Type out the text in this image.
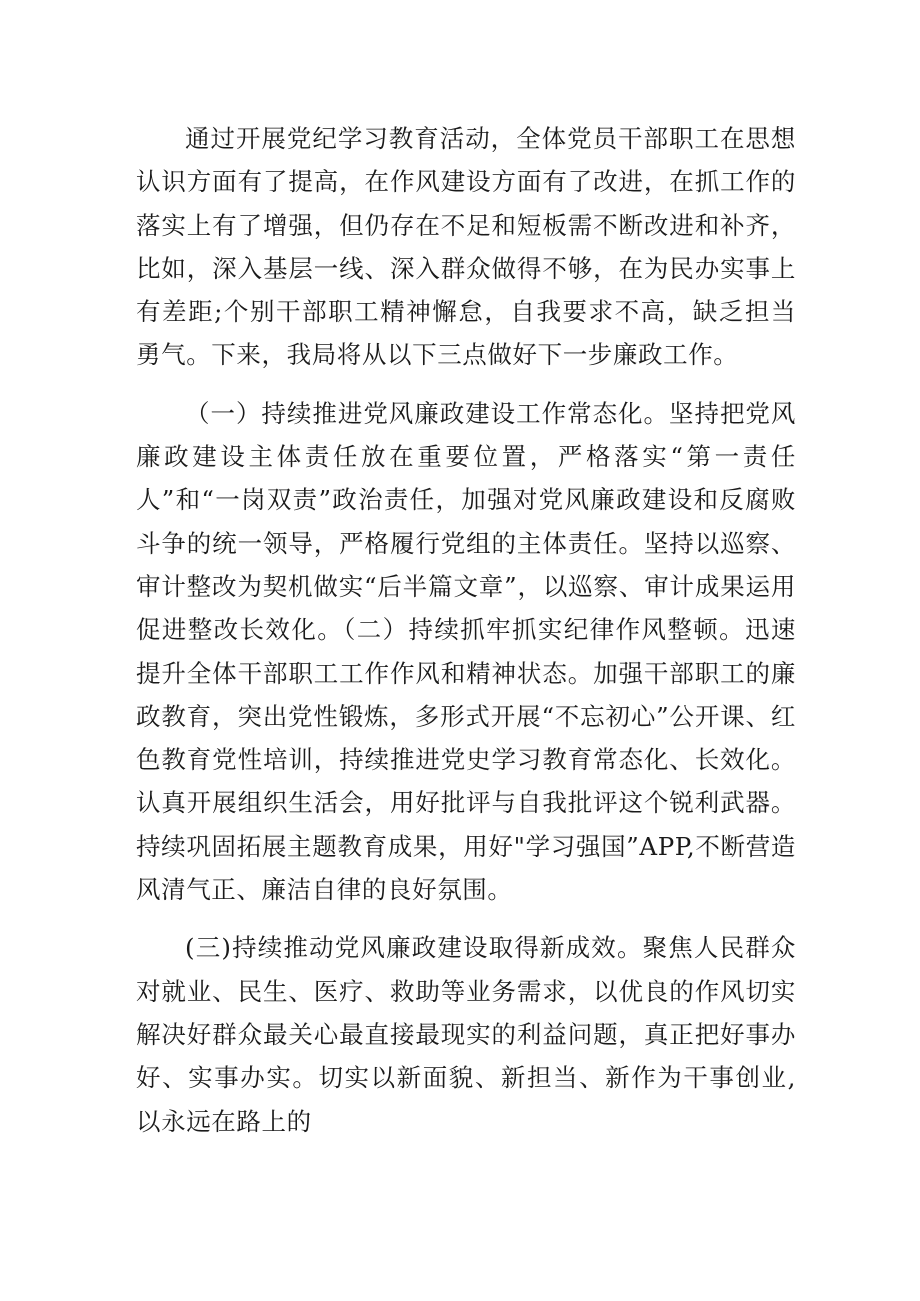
通过开展党纪学习教育活动，全体党员干部职工在思想认识方面有了提高，在作风建设方面有了改进，在抓工作的落实上有了增强，但仍存在不足和短板需不断改进和补齐，比如，深入基层一线、深入群众做得不够，在为民办实事上有差距;个别干部职工精神懈怠，自我要求不高，缺乏担当勇气。下来，我局将从以下三点做好下一步廉政工作。

（一）持续推进党风廉政建设工作常态化。坚持把党风廉政建设主体责任放在重要位置，严格落实“第一责任人”和“一岗双责”政治责任，加强对党风廉政建设和反腐败斗争的统一领导，严格履行党组的主体责任。坚持以巡察、审计整改为契机做实“后半篇文章”，以巡察、审计成果运用促进整改长效化。（二）持续抓牢抓实纪律作风整顿。迅速提升全体干部职工工作作风和精神状态。加强干部职工的廉政教育，突出党性锻炼，多形式开展“不忘初心”公开课、红色教育党性培训，持续推进党史学习教育常态化、长效化。认真开展组织生活会，用好批评与自我批评这个锐利武器。持续巩固拓展主题教育成果，用好"学习强国”APP,不断营造风清气正、廉洁自律的良好氛围。

(三)持续推动党风廉政建设取得新成效。聚焦人民群众对就业、民生、医疗、救助等业务需求，以优良的作风切实解决好群众最关心最直接最现实的利益问题，真正把好事办好、实事办实。切实以新面貌、新担当、新作为干事创业,以永远在路上的
